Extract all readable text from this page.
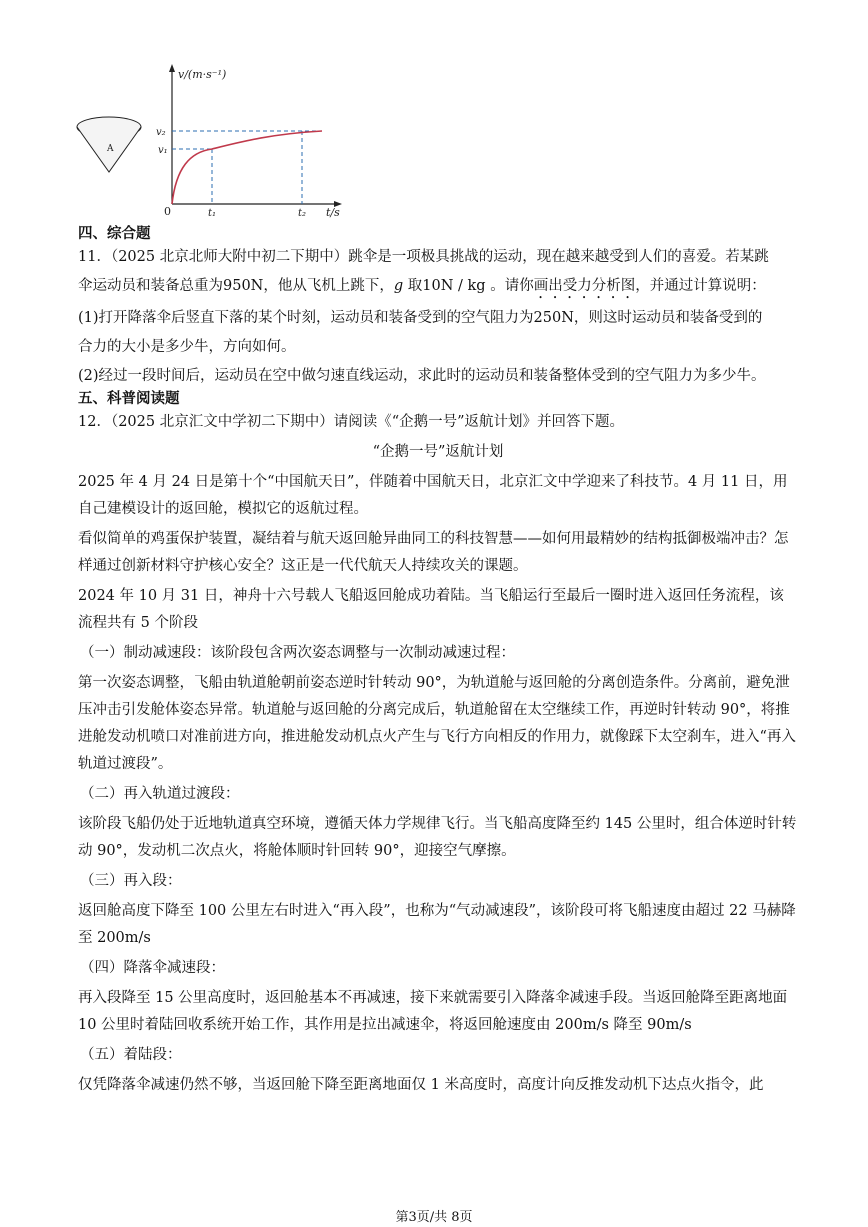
A
v/(m·s⁻¹)
t/s
0
v₂
v₁
t₁	t₂

四、综合题

11．（2025 北京北师大附中初二下期中）跳伞是一项极具挑战的运动，现在越来越受到人们的喜爱。若某跳

伞运动员和装备总重为950N，他从飞机上跳下，g 取10N / kg 。请你画出受力分析图，并通过计算说明：

(1)打开降落伞后竖直下落的某个时刻，运动员和装备受到的空气阻力为250N，则这时运动员和装备受到的

合力的大小是多少牛，方向如何。

(2)经过一段时间后，运动员在空中做匀速直线运动，求此时的运动员和装备整体受到的空气阻力为多少牛。

五、科普阅读题

12．（2025 北京汇文中学初二下期中）请阅读《“企鹅一号”返航计划》并回答下题。

“企鹅一号”返航计划

2025 年 4 月 24 日是第十个“中国航天日”，伴随着中国航天日，北京汇文中学迎来了科技节。4 月 11 日，用自己建模设计的返回舱，模拟它的返航过程。

看似简单的鸡蛋保护装置，凝结着与航天返回舱异曲同工的科技智慧——如何用最精妙的结构抵御极端冲击？怎样通过创新材料守护核心安全？这正是一代代航天人持续攻关的课题。

2024 年 10 月 31 日，神舟十六号载人飞船返回舱成功着陆。当飞船运行至最后一圈时进入返回任务流程，该流程共有 5 个阶段

（一）制动减速段：该阶段包含两次姿态调整与一次制动减速过程：

第一次姿态调整，飞船由轨道舱朝前姿态逆时针转动 90°，为轨道舱与返回舱的分离创造条件。分离前，避免泄压冲击引发舱体姿态异常。轨道舱与返回舱的分离完成后，轨道舱留在太空继续工作，再逆时针转动 90°，将推进舱发动机喷口对准前进方向，推进舱发动机点火产生与飞行方向相反的作用力，就像踩下太空刹车，进入“再入轨道过渡段”。

（二）再入轨道过渡段：

该阶段飞船仍处于近地轨道真空环境，遵循天体力学规律飞行。当飞船高度降至约 145 公里时，组合体逆时针转动 90°，发动机二次点火，将舱体顺时针回转 90°，迎接空气摩擦。

（三）再入段：

返回舱高度下降至 100 公里左右时进入“再入段”，也称为“气动减速段”，该阶段可将飞船速度由超过 22 马赫降至 200m/s

（四）降落伞减速段：

再入段降至 15 公里高度时，返回舱基本不再减速，接下来就需要引入降落伞减速手段。当返回舱降至距离地面 10 公里时着陆回收系统开始工作，其作用是拉出减速伞，将返回舱速度由 200m/s 降至 90m/s

（五）着陆段：

仅凭降落伞减速仍然不够，当返回舱下降至距离地面仅 1 米高度时，高度计向反推发动机下达点火指令，此

第3页/共 8页
